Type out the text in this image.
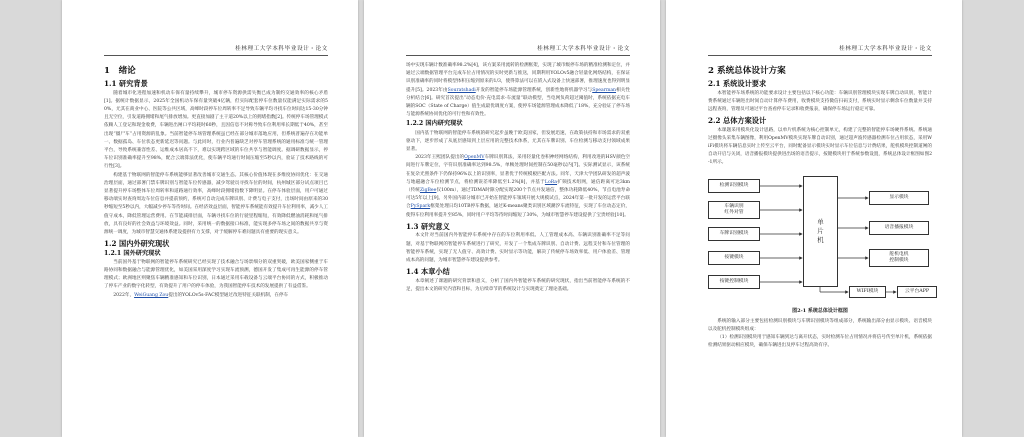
桂林理工大学本科毕业设计・论文
1　绪论
1.1 研究背景

随着城市化进程加速和机动车保有量持续攀升，城市停车资源供需失衡已成为制约交通效率的核心矛盾[1]。据统计数据显示，2025年全国机动车保有量突破4亿辆，但实际配套停车位数量仅能满足实际需求的50%，尤其在商业中心、医院等公共区域，高峰时段停车位周转率不足导致车辆平均寻找车位时间达15-30分钟且无空位，引发道路拥堵和尾气排放增加。更直接加剧了主干道20%以上的拥堵指数[2]。传统停车场管理模式依赖人工登记和现金收费，车辆进出闸口平均耗时60秒，且因信息不对称导致车位利用率长期低于40%，甚至出现“僵尸车”占用资源的乱象。当前智能停车场管理系统虽已经在部分城市落地应用，但系统普遍存在功能单一、数据孤岛、车位状态更新延迟等问题。与此同时，行业内普遍缺乏对停车管理系统的通用标准与统一管理平台，导致系统兼容性差、运维成本居高不下，难以实现跨区域的车位共享与智能调度。据调研数据显示，停车位识别准确率提升至98%，配合云端算法优化，使车辆平均通行时间压缩至5秒以内，验证了技术路线的可行性[3]。

构建基于物联网的智能停车系统能够显著改善城市交通生态。其核心价值体现在多维度协同优化：在交通治理层面，通过部署门禁车牌识别与智能车位传感器，减少驾驶员寻找车位的时间，杭州城区部分试点项目已显著提升停车场整体车位周转率和道路通行效率，高峰时段拥堵指数下降明显。在停车体验层面，用户可通过移动端实时查询周边车位信息并提前预约，系统可自动完成车牌识别、计费与电子支付，出场时间由原来的30秒缩短至5秒以内，大幅减少停车等待时间。在经济效益层面，智能停车系统能有效提升车位利用率，减少人工值守成本，降低管理运营费用。在节能减排层面，车辆寻找车位的行驶里程缩短，有效降低燃油消耗和尾气排放，具有良好的社会效益与环境效益。同时，采用统一的数据接口标准，能实现多停车场之间的数据共享与资源统一调度，为城市智慧交通体系建设提供有力支撑，对于缓解停车难问题具有重要的现实意义。

1.2 国内外研究现状
1.2.1 国外研究现状

当前国外基于物联网的智能停车系统研究已经实现了技术融合与场景细分的双重突破，欧美国家侧重于车路协同和数据融合与能源管理优化，如美国采用深度学习实现车流预测，德国开发了集成可再生能源的停车管理模式；欧洲地区则聚焦车辆精准感知和车位识别，日本通过采用车载设备与云端平台协同的方式，积极推动了停车产业的数字化转型，有效提升了用户的停车体验，为我国智能停车技术的发展提供了有益借鉴。

2022年，WeiGuang Zou提出的YOLOv5s-FAC模型通过改进特征关联机制，在停车

桂林理工大学本科毕业设计・论文

场中实现车辆计数准确率98.2%[4]，该方案采用流转的检测框架，实现了城市级停车场的精准检测和定位，并通过云端数据管理平台完成车位占用情况的实时更新与推送，同期利用YOLOv5融合轻量化网络结构，在保证识别准确率的同时将模型体积压缩到原来的1/3，使得算法可以在嵌入式设备上快速部署，推理速度也得到明显提升[5]。2023年由Souratshadi开发的智能停车场能源管理系统，创新性地将机器学习与Spearman相关性分析结合[6]。研究首次提出“动态电价-充电需求-车流量”联动模型，当电网负荷超过阈值时，系统依据充电车辆的SOC（State of Charge）值生成最优调度方案，使停车场能源管理成本降低了18%，充分验证了停车场与能源系统协同优化的可行性和有效性。

1.2.2 国内研究现状

国内基于物联网的智能停车系统的研究起步虽晚于欧美国家，但发展迅速，在政策扶持和市场需求的双重驱动下，逐步形成了从底层感知到上层应用的完整技术体系，尤其在车牌识别、车位检测与移动支付领域成果显著。

2023年王熙团队提出的OpenMV车牌识别算法，采用轻量化卷积神经网络结构，利用改进的HSV颜色空间进行车牌定位，字符识别准确率达到98.5%，单帧处理时间控制在50毫秒以内[7]。实际测试显示，该系统在复杂光照条件下仍保持96%以上的识别率，显著优于传统模板匹配方法。同年，天津大学团队研发的超声波与地磁融合车位检测节点，将检测误差率降低至1.2%[8]，并基于LoRa扩频技术组网，通信距离可达3km（传统ZigBee仅100m），通过TDMA时隙分配实现200个节点并发通信，整体功耗降低40%，节点电池寿命可达5年以上[9]。另外国内部分城市已开始在智能停车领域开展大规模试点，2024年第一批开发的运营平台联合PySpark框架处理日均10TB停车数据，通过K-means聚类识别区域潮汐车流特征，实现了车位动态定价，使得车位利用率提升至85%，同时用户平均等待时间缩短了30%，为城市智慧停车建设提供了宝贵经验[10]。

1.3 研究意义

本文针对当前国内外智能停车系统中存在的车位利用率低、人工管理成本高、车辆识别准确率不足等问题，对基于物联网的智能停车系统进行了研究，开发了一个集成车牌识别、自动计费、远程支付和车位管理的智能停车系统，实现了无人值守、高效计费、实时显示等功能，解决了传统停车场效率低、用户体验差、管理成本高的问题，为城市智慧停车建设提供参考。

1.4 本章小结

本章阐述了课题的研究背景和意义，分析了国内外智能停车系统的研究现状，指出当前智能停车系统的不足，提出本文的研究内容和目标，为后续章节的系统设计与实现奠定了理论基础。

桂林理工大学本科毕业设计・论文
2 系统总体设计方案
2.1 系统设计要求

本智能停车场系统的功能要求设计主要包括以下核心功能：车辆识别管理模块实现车牌自动识别，智能计费系统通过车辆进出时间自动计算停车费用，收费模块支持微信扫码支付，系统实时显示剩余车位数量并支持远程查询，管理员可通过平台查看停车记录和收费报表，确保停车场运行稳定可靠。

2.2 总体方案设计

本课题采用模块化设计思路，以单片机系统为核心控制单元，构建了完整的智能停车场硬件系统。系统通过摄像头采集车辆图像，利用OpenMV模块实现车牌自动识别，通过超声波传感器检测车位占用状态，采用WiFi模块将车辆信息实时上传至云平台，同时配备显示模块实时显示车位信息与计费结果，舵机模块控制道闸的自动开启与关闭，语音播报模块提供进出场的语音提示，按键模块用于系统参数设置，系统总体设计框图如图2-1所示。

检测识别模块
车辆识别
红外对管
车牌识别模块
按键模块
按键控制模块
单
片
机
显示模块
语音播报模块
舵机电机
控制模块
WIFI模块	云平台APP
图2-1 系统总体设计框图

系统的输入部分主要包括检测识别模块与车牌识别模块等组成部分，系统输出部分由显示模块、语音模块以及舵机控制模块组成：

（1）检测识别模块用于感知车辆到达与离开状态，实时检测车位占用情况并将信号传至单片机，系统依据检测结果驱动相应模块，确保车辆进出及停车过程高效有序。
